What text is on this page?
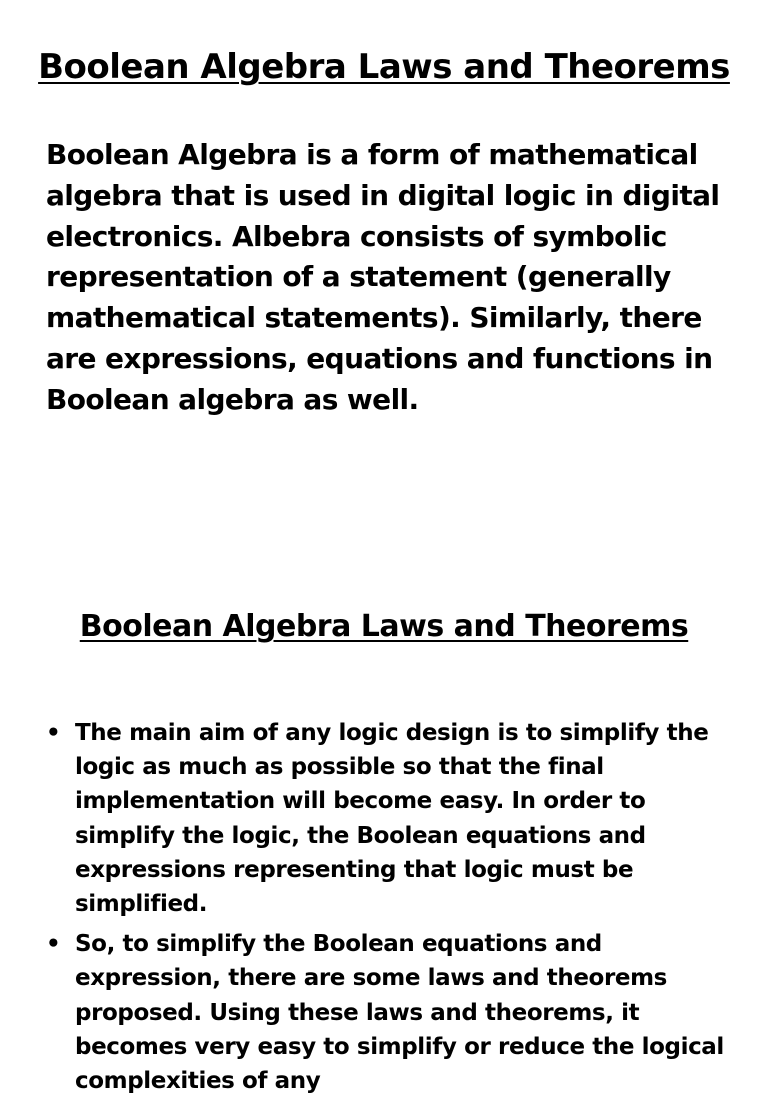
Boolean Algebra Laws and Theorems

Boolean Algebra is a form of mathematical algebra that is used in digital logic in digital electronics. Albebra consists of symbolic representation of a statement (generally mathematical statements). Similarly, there are expressions, equations and functions in Boolean algebra as well.

Boolean Algebra Laws and Theorems
• The main aim of any logic design is to simplify the logic as much as possible so that the final implementation will become easy. In order to simplify the logic, the Boolean equations and expressions representing that logic must be simplified.
• So, to simplify the Boolean equations and expression, there are some laws and theorems proposed. Using these laws and theorems, it becomes very easy to simplify or reduce the logical complexities of any
